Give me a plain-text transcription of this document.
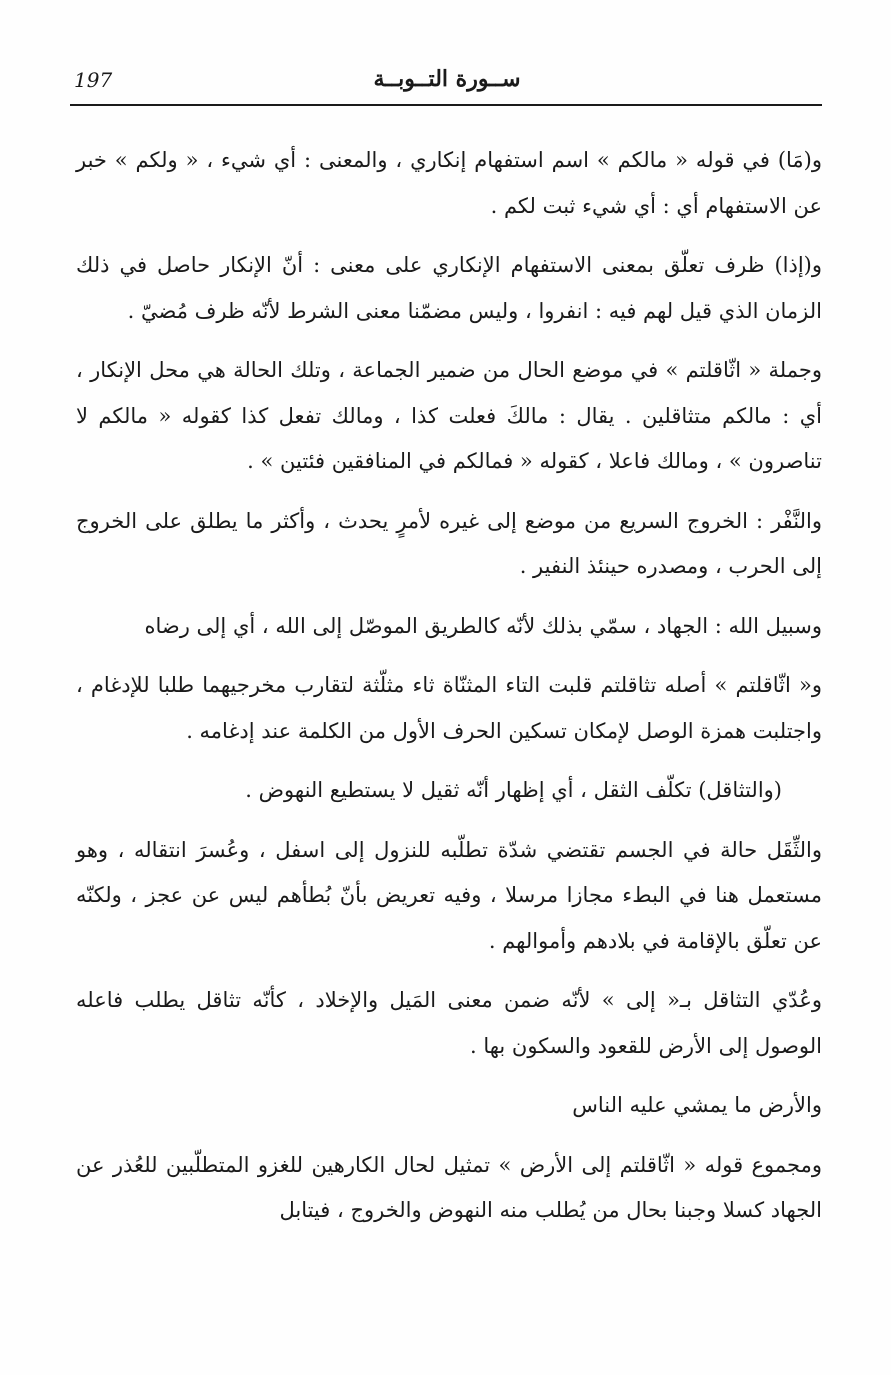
197	ســورة التــوبــة

و(مَا) في قوله « مالكم » اسم استفهام إنكاري ، والمعنى : أي شيء ، « ولكم » خبر عن الاستفهام أي : أي شيء ثبت لكم .

و(إذا) ظرف تعلّق بمعنى الاستفهام الإنكاري على معنى : أنّ الإنكار حاصل في ذلك الزمان الذي قيل لهم فيه : انفروا ، وليس مضمّنا معنى الشرط لأنّه ظرف مُضيّ .

وجملة « اثّاقلتم » في موضع الحال من ضمير الجماعة ، وتلك الحالة هي محل الإنكار ، أي : مالكم متثاقلين . يقال : مالكَ فعلت كذا ، ومالك تفعل كذا كقوله « مالكم لا تناصرون » ، ومالك فاعلا ، كقوله « فمالكم في المنافقين فئتين » .

والنَّفْر : الخروج السريع من موضع إلى غيره لأمرٍ يحدث ، وأكثر ما يطلق على الخروج إلى الحرب ، ومصدره حينئذ النفير .

وسبيل الله : الجهاد ، سمّي بذلك لأنّه كالطريق الموصّل إلى الله ، أي إلى رضاه

و« اثّاقلتم » أصله تثاقلتم قلبت التاء المثنّاة ثاء مثلّثة لتقارب مخرجيهما طلبا للإدغام ، واجتلبت همزة الوصل لإمكان تسكين الحرف الأول من الكلمة عند إدغامه .

(والتثاقل) تكلّف الثقل ، أي إظهار أنّه ثقيل لا يستطيع النهوض .

والثِّقَل حالة في الجسم تقتضي شدّة تطلّبه للنزول إلى اسفل ، وعُسرَ انتقاله ، وهو مستعمل هنا في البطء مجازا مرسلا ، وفيه تعريض بأنّ بُطأهم ليس عن عجز ، ولكنّه عن تعلّق بالإقامة في بلادهم وأموالهم .

وعُدّي التثاقل بـ« إلى » لأنّه ضمن معنى المَيل والإخلاد ، كأنّه تثاقل يطلب فاعله الوصول إلى الأرض للقعود والسكون بها .

والأرض ما يمشي عليه الناس

ومجموع قوله « اثّاقلتم إلى الأرض » تمثيل لحال الكارهين للغزو المتطلّبين للعُذر عن الجهاد كسلا وجبنا بحال من يُطلب منه النهوض والخروج ، فيتابل
